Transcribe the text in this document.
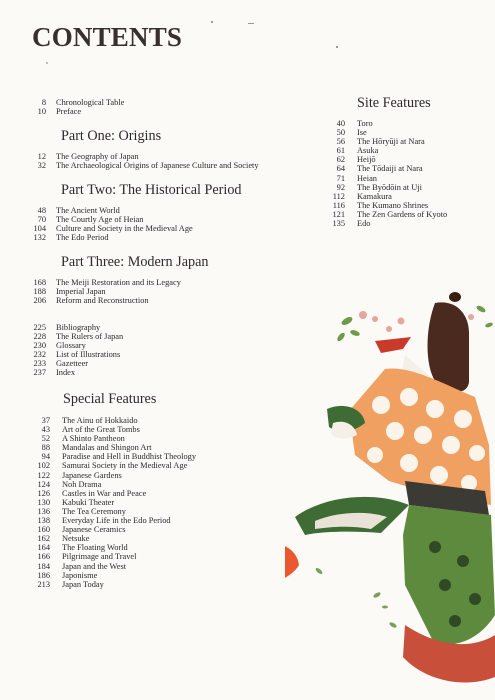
CONTENTS
8 Chronological Table
10 Preface
Part One: Origins
12 The Geography of Japan
32 The Archaeological Origins of Japanese Culture and Society
Part Two: The Historical Period
48 The Ancient World
70 The Courtly Age of Heian
104 Culture and Society in the Medieval Age
132 The Edo Period
Part Three: Modern Japan
168 The Meiji Restoration and its Legacy
188 Imperial Japan
206 Reform and Reconstruction
225 Bibliography
228 The Rulers of Japan
230 Glossary
232 List of Illustrations
233 Gazetteer
237 Index
Special Features
37 The Ainu of Hokkaido
43 Art of the Great Tombs
52 A Shinto Pantheon
88 Mandalas and Shingon Art
94 Paradise and Hell in Buddhist Theology
102 Samurai Society in the Medieval Age
122 Japanese Gardens
124 Noh Drama
126 Castles in War and Peace
130 Kabuki Theater
136 The Tea Ceremony
138 Everyday Life in the Edo Period
160 Japanese Ceramics
162 Netsuke
164 The Floating World
166 Pilgrimage and Travel
184 Japan and the West
186 Japonisme
213 Japan Today
Site Features
40 Toro
50 Ise
56 The Hōryūji at Nara
61 Asuka
62 Heijō
64 The Tōdaiji at Nara
71 Heian
92 The Byōdōin at Uji
112 Kamakura
116 The Kumano Shrines
121 The Zen Gardens of Kyoto
135 Edo
